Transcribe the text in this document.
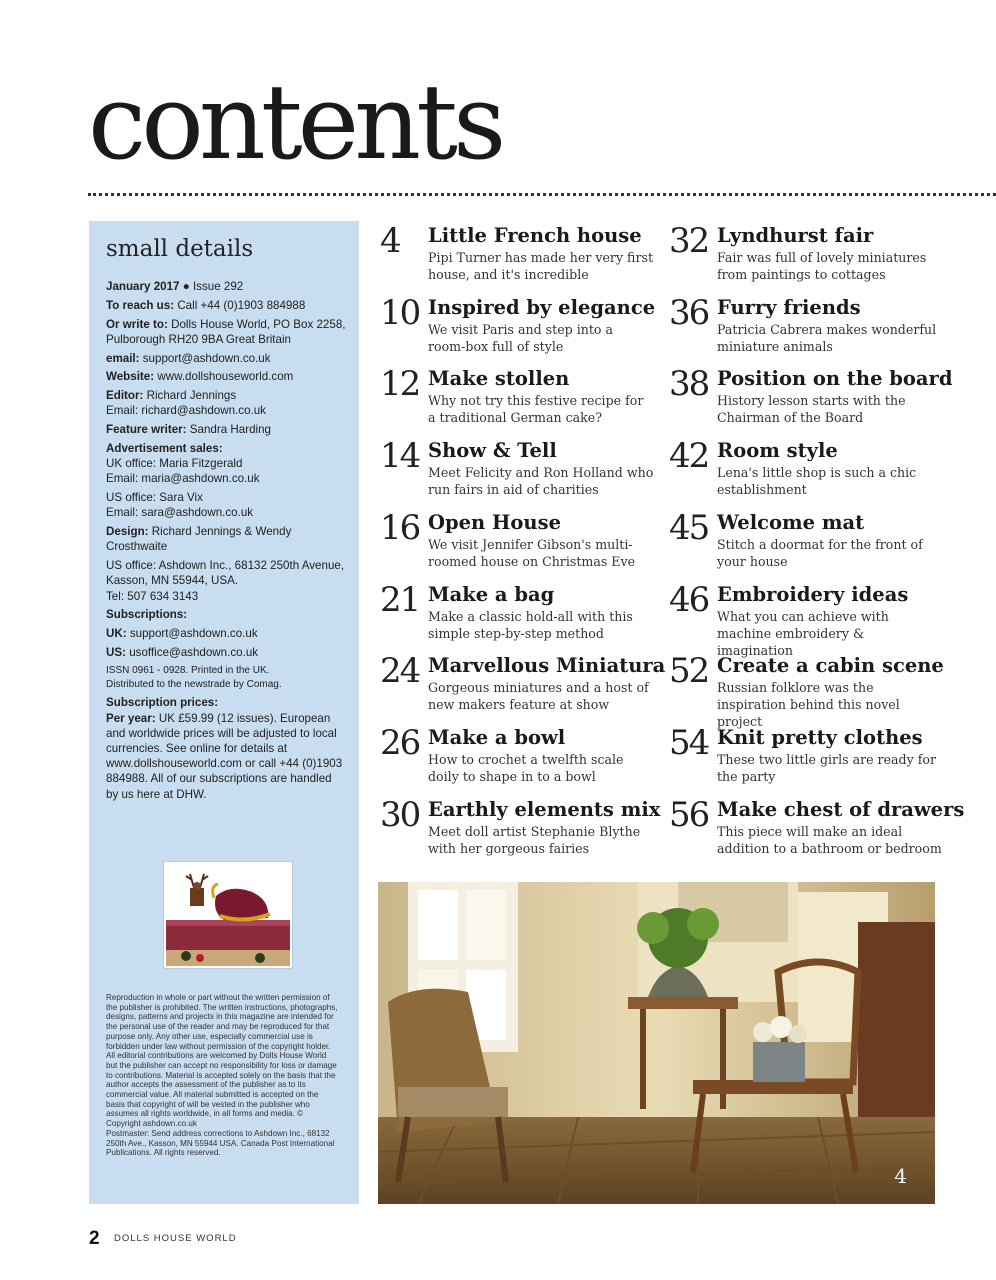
contents
small details
January 2017 ● Issue 292
To reach us: Call +44 (0)1903 884988
Or write to: Dolls House World, PO Box 2258, Pulborough RH20 9BA Great Britain
email: support@ashdown.co.uk
Website: www.dollshouseworld.com
Editor: Richard Jennings
Email: richard@ashdown.co.uk
Feature writer: Sandra Harding
Advertisement sales:
UK office: Maria Fitzgerald
Email: maria@ashdown.co.uk
US office: Sara Vix
Email: sara@ashdown.co.uk
Design: Richard Jennings & Wendy Crosthwaite
US office: Ashdown Inc., 68132 250th Avenue, Kasson, MN 55944, USA.
Tel: 507 634 3143
Subscriptions:
UK: support@ashdown.co.uk
US: usoffice@ashdown.co.uk
ISSN 0961 - 0928. Printed in the UK.
Distributed to the newstrade by Comag.
Subscription prices:
Per year: UK £59.99 (12 issues). European and worldwide prices will be adjusted to local currencies. See online for details at www.dollshouseworld.com or call +44 (0)1903 884988. All of our subscriptions are handled by us here at DHW.
Reproduction in whole or part without the written permission of the publisher is prohibited. The written instructions, photographs, designs, patterns and projects in this magazine are intended for the personal use of the reader and may be reproduced for that purpose only. Any other use, especially commercial use is forbidden under law without permission of the copyright holder. All editorial contributions are welcomed by Dolls House World but the publisher can accept no responsibility for loss or damage to contributions. Material is accepted solely on the basis that the author accepts the assessment of the publisher as to its commercial value. All material submitted is accepted on the basis that copyright of will be vested in the publisher who assumes all rights worldwide, in all forms and media. © Copyright ashdown.co.uk
Postmaster: Send address corrections to Ashdown Inc., 68132 250th Ave., Kasson, MN 55944 USA. Canada Post International Publications. All rights reserved.
4 Little French house
Pipi Turner has made her very first house, and it's incredible
10 Inspired by elegance
We visit Paris and step into a room-box full of style
12 Make stollen
Why not try this festive recipe for a traditional German cake?
14 Show & Tell
Meet Felicity and Ron Holland who run fairs in aid of charities
16 Open House
We visit Jennifer Gibson's multi-roomed house on Christmas Eve
21 Make a bag
Make a classic hold-all with this simple step-by-step method
24 Marvellous Miniatura
Gorgeous miniatures and a host of new makers feature at show
26 Make a bowl
How to crochet a twelfth scale doily to shape in to a bowl
30 Earthly elements mix
Meet doll artist Stephanie Blythe with her gorgeous fairies
32 Lyndhurst fair
Fair was full of lovely miniatures from paintings to cottages
36 Furry friends
Patricia Cabrera makes wonderful miniature animals
38 Position on the board
History lesson starts with the Chairman of the Board
42 Room style
Lena's little shop is such a chic establishment
45 Welcome mat
Stitch a doormat for the front of your house
46 Embroidery ideas
What you can achieve with machine embroidery & imagination
52 Create a cabin scene
Russian folklore was the inspiration behind this novel project
54 Knit pretty clothes
These two little girls are ready for the party
56 Make chest of drawers
This piece will make an ideal addition to a bathroom or bedroom
4
2 DOLLS HOUSE WORLD
